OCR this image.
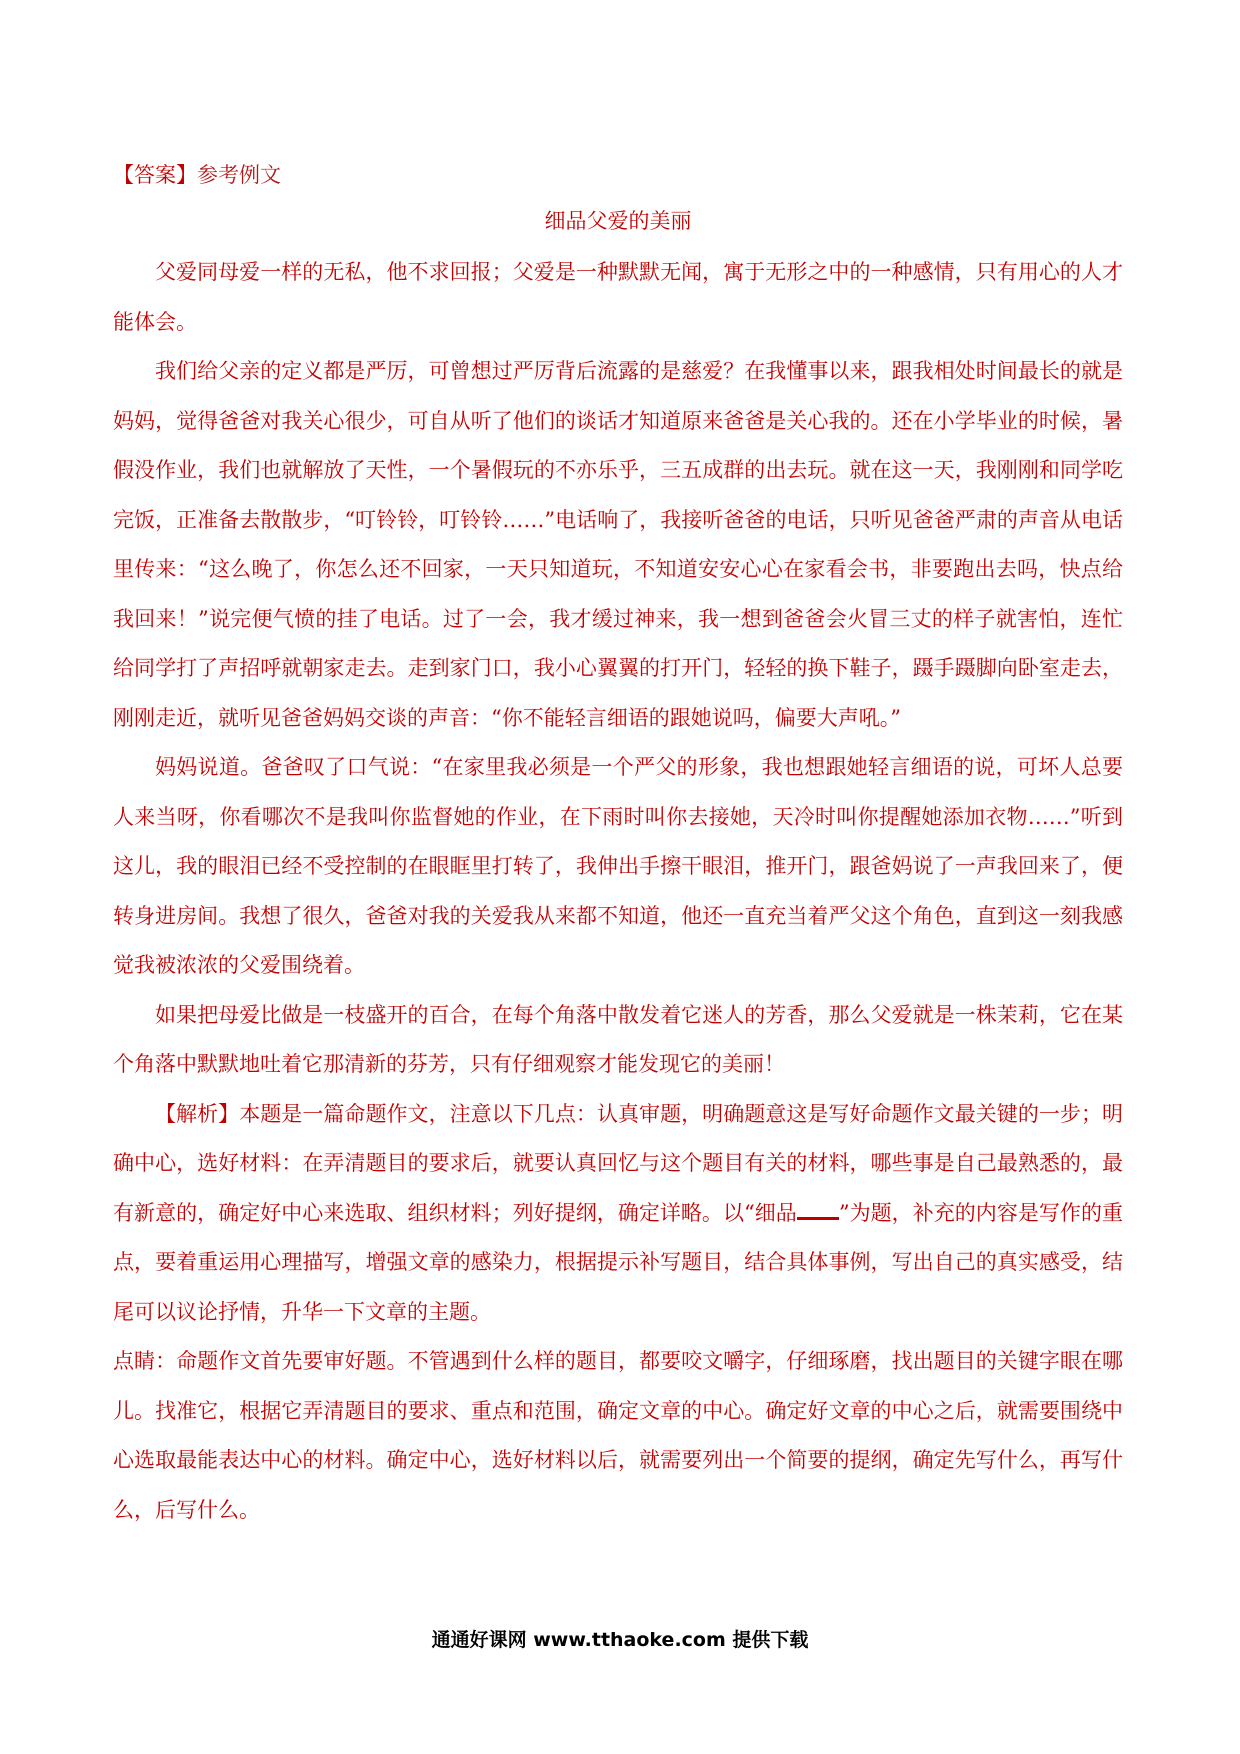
【答案】参考例文
细品父爱的美丽

父爱同母爱一样的无私，他不求回报；父爱是一种默默无闻，寓于无形之中的一种感情，只有用心的人才能体会。

我们给父亲的定义都是严厉，可曾想过严厉背后流露的是慈爱？在我懂事以来，跟我相处时间最长的就是妈妈，觉得爸爸对我关心很少，可自从听了他们的谈话才知道原来爸爸是关心我的。还在小学毕业的时候，暑假没作业，我们也就解放了天性，一个暑假玩的不亦乐乎，三五成群的出去玩。就在这一天，我刚刚和同学吃完饭，正准备去散散步，“叮铃铃，叮铃铃……”电话响了，我接听爸爸的电话，只听见爸爸严肃的声音从电话里传来：“这么晚了，你怎么还不回家，一天只知道玩，不知道安安心心在家看会书，非要跑出去吗，快点给我回来！”说完便气愤的挂了电话。过了一会，我才缓过神来，我一想到爸爸会火冒三丈的样子就害怕，连忙给同学打了声招呼就朝家走去。走到家门口，我小心翼翼的打开门，轻轻的换下鞋子，蹑手蹑脚向卧室走去，刚刚走近，就听见爸爸妈妈交谈的声音：“你不能轻言细语的跟她说吗，偏要大声吼。”

妈妈说道。爸爸叹了口气说：“在家里我必须是一个严父的形象，我也想跟她轻言细语的说，可坏人总要人来当呀，你看哪次不是我叫你监督她的作业，在下雨时叫你去接她，天冷时叫你提醒她添加衣物……”听到这儿，我的眼泪已经不受控制的在眼眶里打转了，我伸出手擦干眼泪，推开门，跟爸妈说了一声我回来了，便转身进房间。我想了很久，爸爸对我的关爱我从来都不知道，他还一直充当着严父这个角色，直到这一刻我感觉我被浓浓的父爱围绕着。

如果把母爱比做是一枝盛开的百合，在每个角落中散发着它迷人的芳香，那么父爱就是一株茉莉，它在某个角落中默默地吐着它那清新的芬芳，只有仔细观察才能发现它的美丽！

【解析】本题是一篇命题作文，注意以下几点：认真审题，明确题意这是写好命题作文最关键的一步；明确中心，选好材料：在弄清题目的要求后，就要认真回忆与这个题目有关的材料，哪些事是自己最熟悉的，最有新意的，确定好中心来选取、组织材料；列好提纲，确定详略。以“细品 ”为题，补充的内容是写作的重点，要着重运用心理描写，增强文章的感染力，根据提示补写题目，结合具体事例，写出自己的真实感受，结尾可以议论抒情，升华一下文章的主题。

点睛：命题作文首先要审好题。不管遇到什么样的题目，都要咬文嚼字，仔细琢磨，找出题目的关键字眼在哪儿。找准它，根据它弄清题目的要求、重点和范围，确定文章的中心。确定好文章的中心之后，就需要围绕中心选取最能表达中心的材料。确定中心，选好材料以后，就需要列出一个简要的提纲，确定先写什么，再写什么，后写什么。

通通好课网 www.tthaoke.com 提供下载
